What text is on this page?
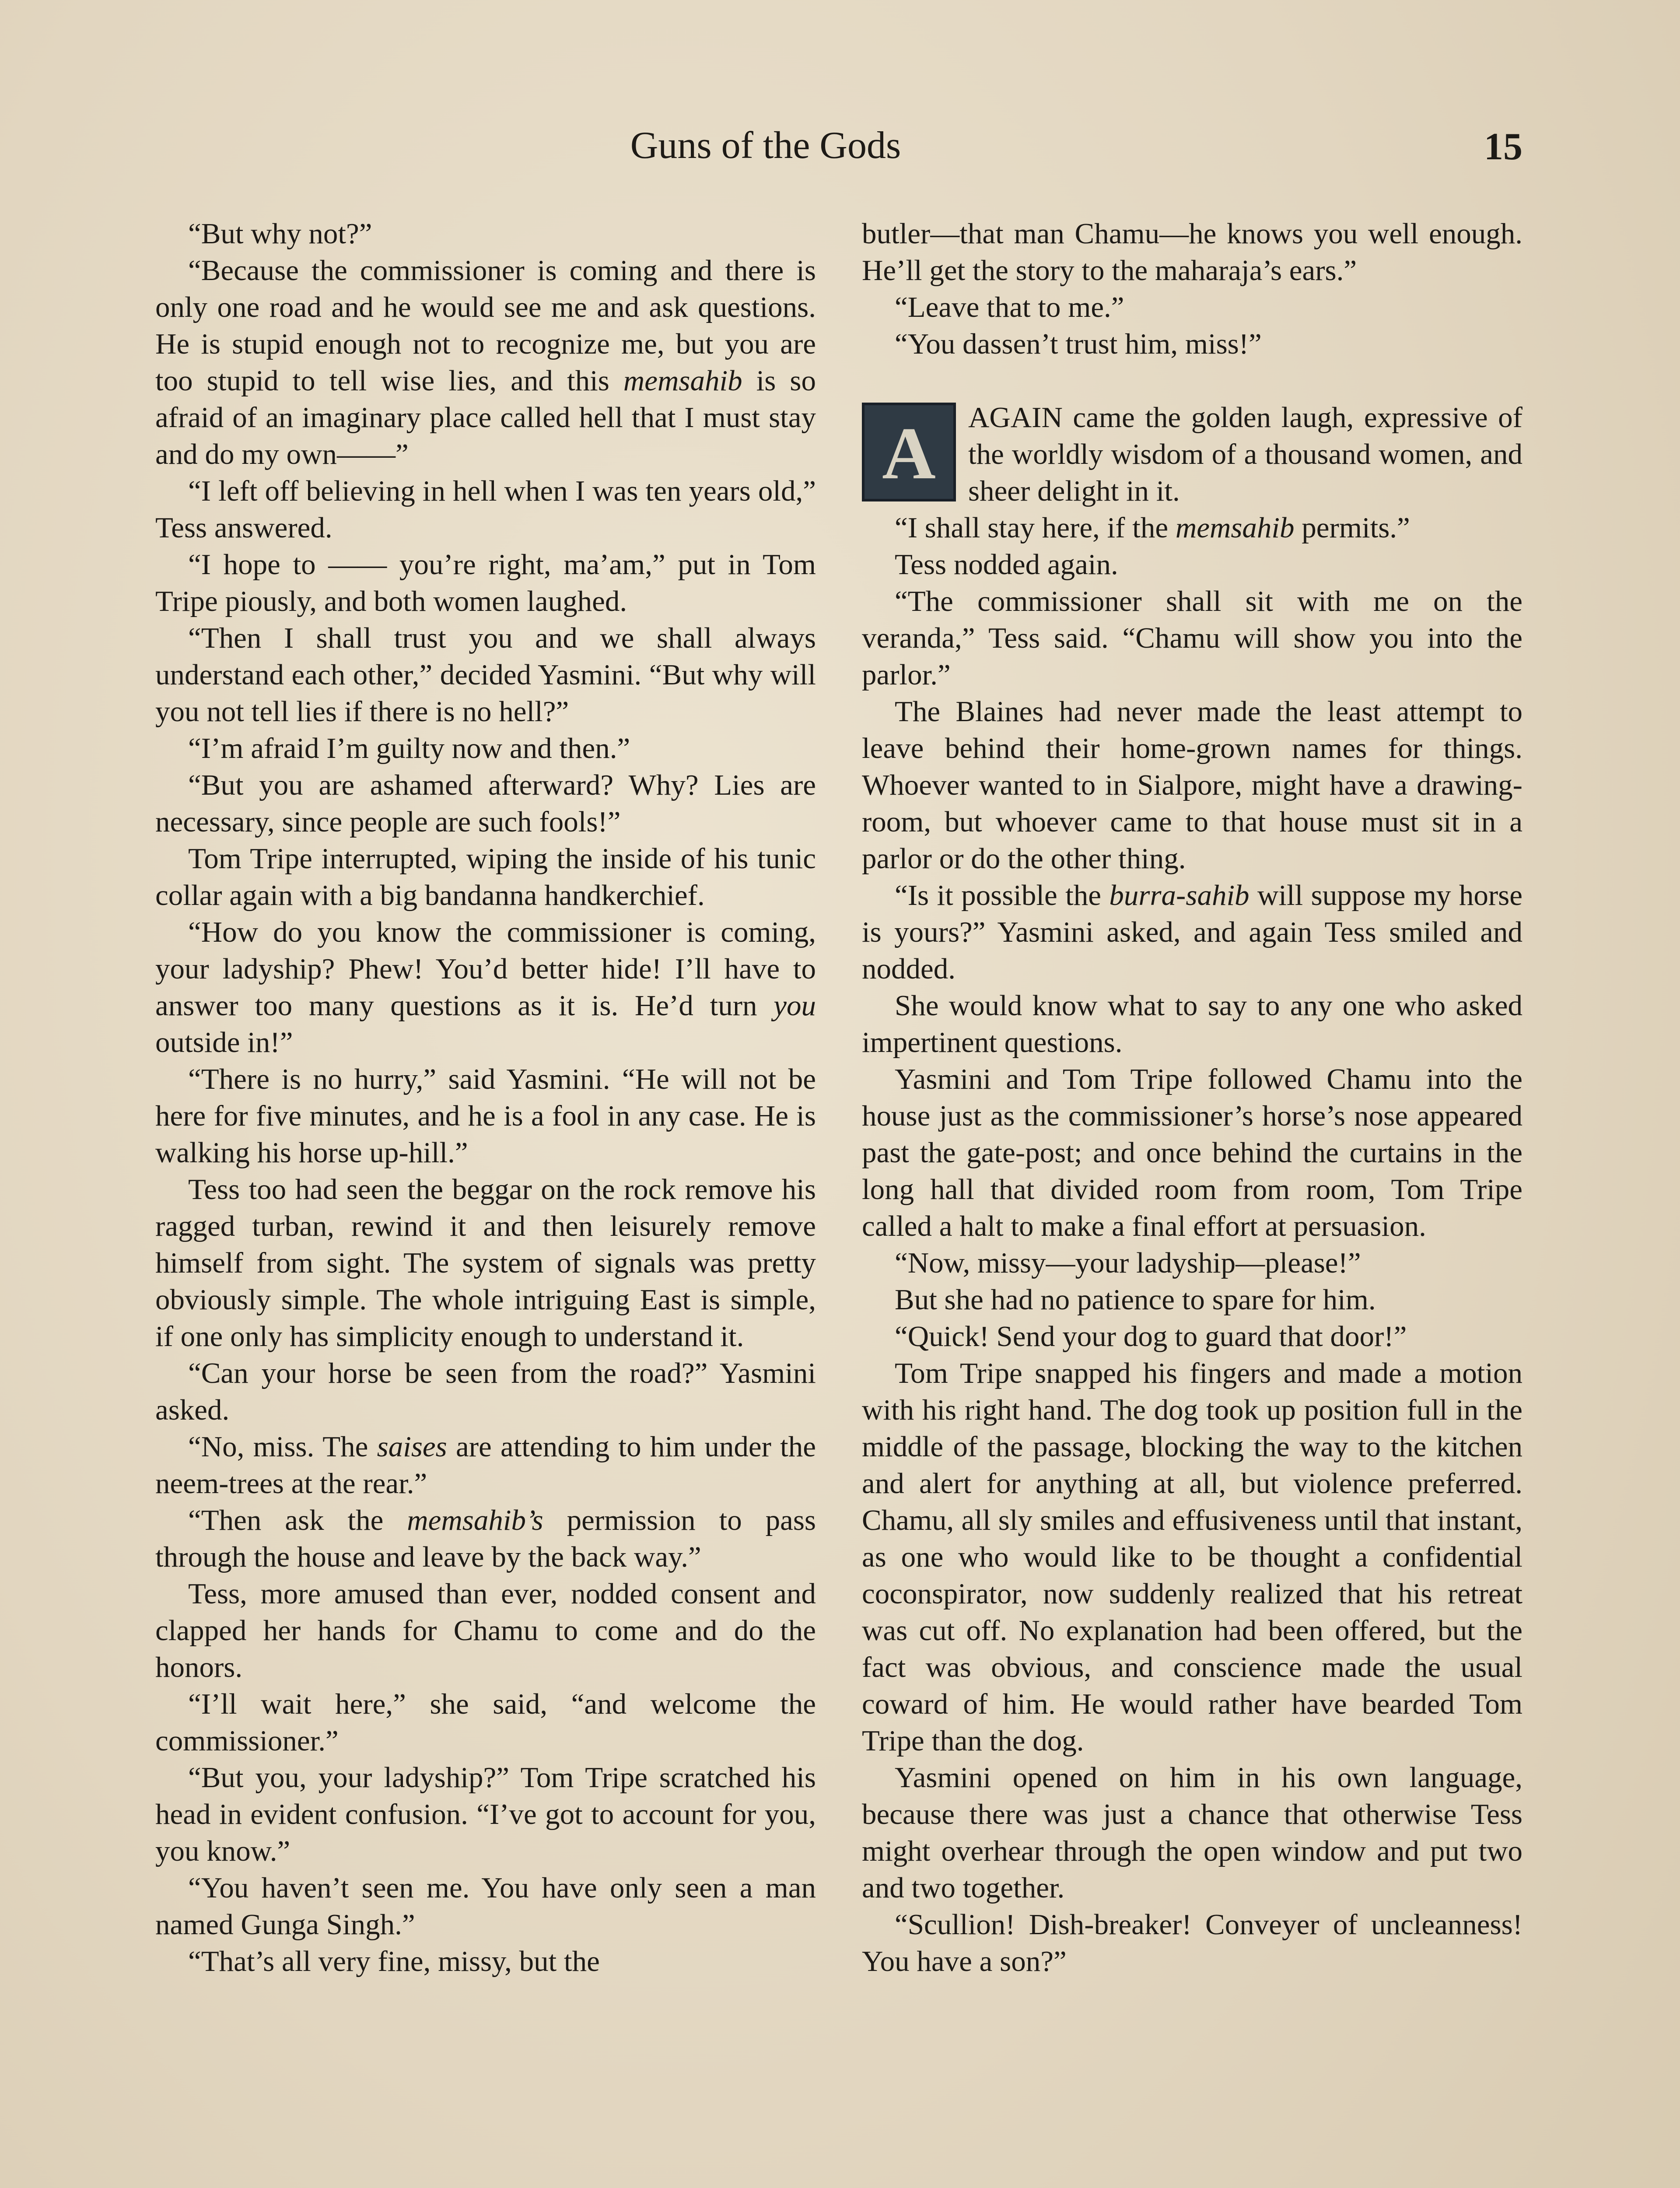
Guns of the Gods	15

“But why not?”

“Because the commissioner is coming and there is only one road and he would see me and ask questions. He is stupid enough not to recognize me, but you are too stupid to tell wise lies, and this memsahib is so afraid of an imaginary place called hell that I must stay and do my own——”

“I left off believing in hell when I was ten years old,” Tess answered.

“I hope to —— you’re right, ma’am,” put in Tom Tripe piously, and both women laughed.

“Then I shall trust you and we shall always understand each other,” decided Yasmini. “But why will you not tell lies if there is no hell?”

“I’m afraid I’m guilty now and then.”

“But you are ashamed afterward? Why? Lies are necessary, since people are such fools!”

Tom Tripe interrupted, wiping the inside of his tunic collar again with a big bandanna handkerchief.

“How do you know the commissioner is coming, your ladyship? Phew! You’d better hide! I’ll have to answer too many questions as it is. He’d turn you outside in!”

“There is no hurry,” said Yasmini. “He will not be here for five minutes, and he is a fool in any case. He is walking his horse up-hill.”

Tess too had seen the beggar on the rock remove his ragged turban, rewind it and then leisurely remove himself from sight. The system of signals was pretty obviously simple. The whole intriguing East is simple, if one only has simplicity enough to understand it.

“Can your horse be seen from the road?” Yasmini asked.

“No, miss. The saises are attending to him under the neem-trees at the rear.”

“Then ask the memsahib’s permission to pass through the house and leave by the back way.”

Tess, more amused than ever, nodded consent and clapped her hands for Chamu to come and do the honors.

“I’ll wait here,” she said, “and welcome the commissioner.”

“But you, your ladyship?” Tom Tripe scratched his head in evident confusion. “I’ve got to account for you, you know.”

“You haven’t seen me. You have only seen a man named Gunga Singh.”

“That’s all very fine, missy, but the

butler—that man Chamu—he knows you well enough. He’ll get the story to the maharaja’s ears.”

“Leave that to me.”

“You dassen’t trust him, miss!”

A	AGAIN came the golden laugh, expressive of the worldly wisdom of a thousand women, and sheer delight in it.

“I shall stay here, if the memsahib permits.”

Tess nodded again.

“The commissioner shall sit with me on the veranda,” Tess said. “Chamu will show you into the parlor.”

The Blaines had never made the least attempt to leave behind their home-grown names for things. Whoever wanted to in Sialpore, might have a drawing-room, but whoever came to that house must sit in a parlor or do the other thing.

“Is it possible the burra-sahib will suppose my horse is yours?” Yasmini asked, and again Tess smiled and nodded.

She would know what to say to any one who asked impertinent questions.

Yasmini and Tom Tripe followed Chamu into the house just as the commissioner’s horse’s nose appeared past the gate-post; and once behind the curtains in the long hall that divided room from room, Tom Tripe called a halt to make a final effort at persuasion.

“Now, missy—your ladyship—please!”

But she had no patience to spare for him.

“Quick! Send your dog to guard that door!”

Tom Tripe snapped his fingers and made a motion with his right hand. The dog took up position full in the middle of the passage, blocking the way to the kitchen and alert for anything at all, but violence preferred. Chamu, all sly smiles and effusiveness until that instant, as one who would like to be thought a confidential coconspirator, now suddenly realized that his retreat was cut off. No explanation had been offered, but the fact was obvious, and conscience made the usual coward of him. He would rather have bearded Tom Tripe than the dog.

Yasmini opened on him in his own language, because there was just a chance that otherwise Tess might overhear through the open window and put two and two together.

“Scullion! Dish-breaker! Conveyer of uncleanness! You have a son?”
